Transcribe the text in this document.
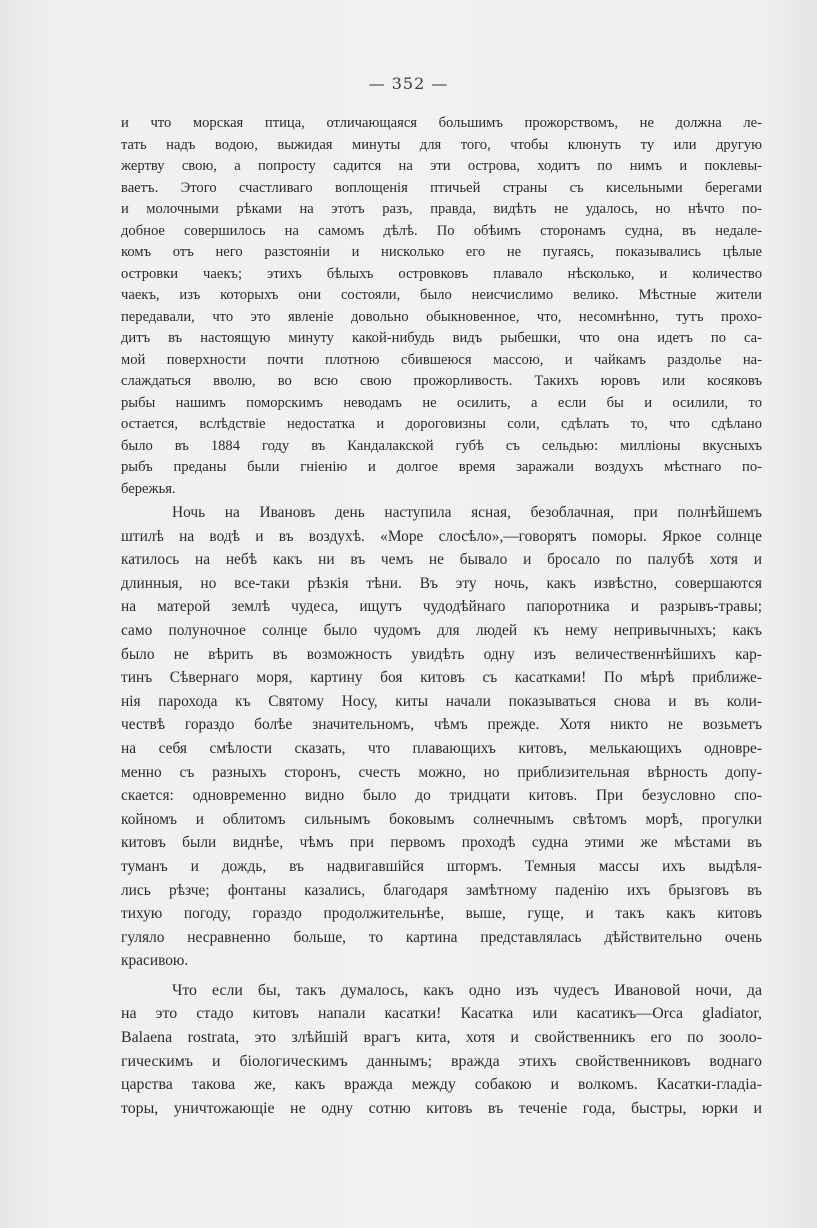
— 352 —
и что морская птица, отличающаяся большимъ прожорствомъ, не должна ле-
тать надъ водою, выжидая минуты для того, чтобы клюнуть ту или другую
жертву свою, а попросту садится на эти острова, ходитъ по нимъ и поклевы-
ваетъ. Этого счастливаго воплощенія птичьей страны съ кисельными берегами
и молочными рѣками на этотъ разъ, правда, видѣть не удалось, но нѣчто по-
добное совершилось на самомъ дѣлѣ. По обѣимъ сторонамъ судна, въ недале-
комъ отъ него разстояніи и нисколько его не пугаясь, показывались цѣлые
островки чаекъ; этихъ бѣлыхъ островковъ плавало нѣсколько, и количество
чаекъ, изъ которыхъ они состояли, было неисчислимо велико. Мѣстные жители
передавали, что это явленіе довольно обыкновенное, что, несомнѣнно, тутъ прохо-
дитъ въ настоящую минуту какой-нибудь видъ рыбешки, что она идетъ по са-
мой поверхности почти плотною сбившеюся массою, и чайкамъ раздолье на-
слаждаться вволю, во всю свою прожорливость. Такихъ юровъ или косяковъ
рыбы нашимъ поморскимъ неводамъ не осилить, а если бы и осилили, то
остается, вслѣдствіе недостатка и дороговизны соли, сдѣлать то, что сдѣлано
было въ 1884 году въ Кандалакской губѣ съ сельдью: милліоны вкусныхъ
рыбъ преданы были гніенію и долгое время заражали воздухъ мѣстнаго по-
бережья.
Ночь на Ивановъ день наступила ясная, безоблачная, при полнѣйшемъ
штилѣ на водѣ и въ воздухѣ. «Море слосѣло»,—говорятъ поморы. Яркое солнце
катилось на небѣ какъ ни въ чемъ не бывало и бросало по палубѣ хотя и
длинныя, но все-таки рѣзкія тѣни. Въ эту ночь, какъ извѣстно, совершаются
на матерой землѣ чудеса, ищутъ чудодѣйнаго папоротника и разрывъ-травы;
само полуночное солнце было чудомъ для людей къ нему непривычныхъ; какъ
было не вѣрить въ возможность увидѣть одну изъ величественнѣйшихъ кар-
тинъ Сѣвернаго моря, картину боя китовъ съ касатками! По мѣрѣ приближе-
нія парохода къ Святому Носу, киты начали показываться снова и въ коли-
чествѣ гораздо болѣе значительномъ, чѣмъ прежде. Хотя никто не возьметъ
на себя смѣлости сказать, что плавающихъ китовъ, мелькающихъ одновре-
менно съ разныхъ сторонъ, счесть можно, но приблизительная вѣрность допу-
скается: одновременно видно было до тридцати китовъ. При безусловно спо-
койномъ и облитомъ сильнымъ боковымъ солнечнымъ свѣтомъ морѣ, прогулки
китовъ были виднѣе, чѣмъ при первомъ проходѣ судна этими же мѣстами въ
туманъ и дождь, въ надвигавшійся штормъ. Темныя массы ихъ выдѣля-
лись рѣзче; фонтаны казались, благодаря замѣтному паденію ихъ брызговъ въ
тихую погоду, гораздо продолжительнѣе, выше, гуще, и такъ какъ китовъ
гуляло несравненно больше, то картина представлялась дѣйствительно очень
красивою.
Что если бы, такъ думалось, какъ одно изъ чудесъ Ивановой ночи, да
на это стадо китовъ напали касатки! Касатка или касатикъ—Orca gladiator,
Balaena rostrata, это злѣйшій врагъ кита, хотя и свойственникъ его по зооло-
гическимъ и біологическимъ даннымъ; вражда этихъ свойственниковъ воднаго
царства такова же, какъ вражда между собакою и волкомъ. Касатки-гладіа-
торы, уничтожающіе не одну сотню китовъ въ теченіе года, быстры, юрки и
